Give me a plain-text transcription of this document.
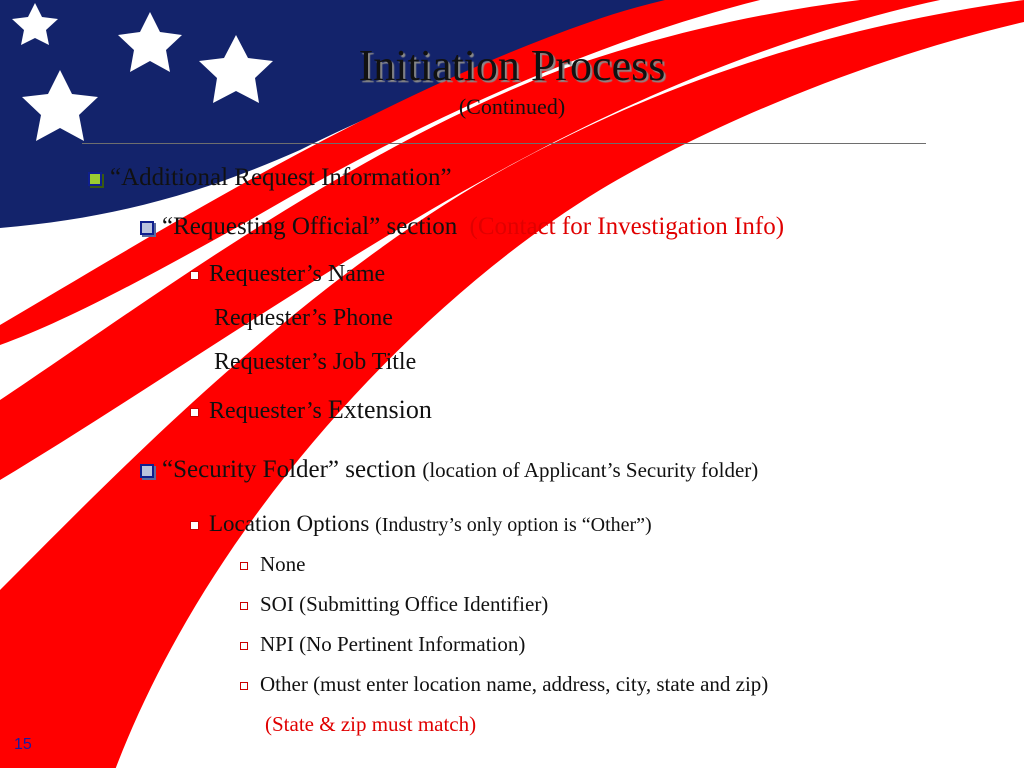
Initiation Process
(Continued)
“Additional Request Information”
“Requesting Official” section (Contact for Investigation Info)
Requester’s Name
Requester’s Phone
Requester’s Job Title
Requester’s Extension
“Security Folder” section (location of Applicant’s Security folder)
Location Options (Industry’s only option is “Other”)
None
SOI (Submitting Office Identifier)
NPI (No Pertinent Information)
Other (must enter location name, address, city, state and zip)
(State & zip must match)
15
